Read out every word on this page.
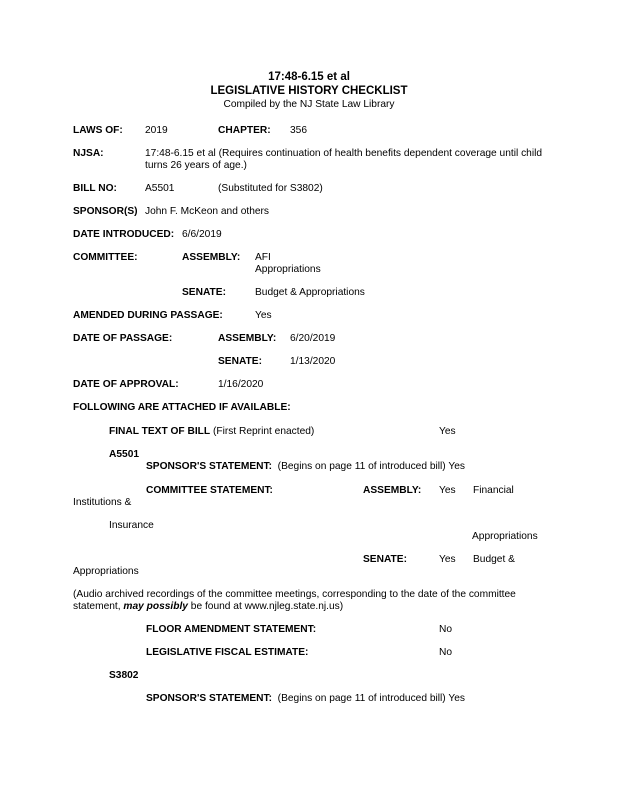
17:48-6.15 et al
LEGISLATIVE HISTORY CHECKLIST
Compiled by the NJ State Law Library
LAWS OF: 2019	CHAPTER: 356
NJSA:	17:48-6.15 et al (Requires continuation of health benefits dependent coverage until child
turns 26 years of age.)
BILL NO:	A5501	(Substituted for S3802)
SPONSOR(S) John F. McKeon and others
DATE INTRODUCED: 6/6/2019
COMMITTEE:	ASSEMBLY: AFI
Appropriations
SENATE:	Budget & Appropriations
AMENDED DURING PASSAGE:	Yes
DATE OF PASSAGE:	ASSEMBLY: 6/20/2019
SENATE:	1/13/2020
DATE OF APPROVAL:	1/16/2020
FOLLOWING ARE ATTACHED IF AVAILABLE:
FINAL TEXT OF BILL (First Reprint enacted)	Yes
A5501
SPONSOR'S STATEMENT: (Begins on page 11 of introduced bill) Yes
COMMITTEE STATEMENT:	ASSEMBLY: Yes Financial
Institutions &
Insurance
Appropriations
SENATE:	Yes Budget &
Appropriations
(Audio archived recordings of the committee meetings, corresponding to the date of the committee
statement, may possibly be found at www.njleg.state.nj.us)
FLOOR AMENDMENT STATEMENT:	No
LEGISLATIVE FISCAL ESTIMATE:	No
S3802
SPONSOR'S STATEMENT: (Begins on page 11 of introduced bill) Yes
